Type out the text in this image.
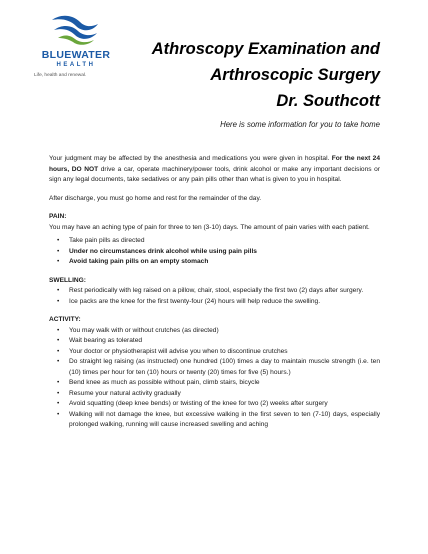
BLUEWATER
HEALTH
Life, health and renewal.
Athroscopy Examination and
Arthroscopic Surgery
Dr. Southcott
Here is some information for you to take home

Your judgment may be affected by the anesthesia and medications you were given in hospital. For the next 24 hours, DO NOT drive a car, operate machinery/power tools, drink alcohol or make any important decisions or sign any legal documents, take sedatives or any pain pills other than what is given to you in hospital.

After discharge, you must go home and rest for the remainder of the day.

PAIN:
You may have an aching type of pain for three to ten (3-10) days. The amount of pain varies with each patient.
• Take pain pills as directed
• Under no circumstances drink alcohol while using pain pills
• Avoid taking pain pills on an empty stomach
SWELLING:
• Rest periodically with leg raised on a pillow, chair, stool, especially the first two (2) days after surgery.
• Ice packs are the knee for the first twenty-four (24) hours will help reduce the swelling.
ACTIVITY:
• You may walk with or without crutches (as directed)
• Wait bearing as tolerated
• Your doctor or physiotherapist will advise you when to discontinue crutches
• Do straight leg raising (as instructed) one hundred (100) times a day to maintain muscle strength (i.e. ten (10) times per hour for ten (10) hours or twenty (20) times for five (5) hours.)
• Bend knee as much as possible without pain, climb stairs, bicycle
• Resume your natural activity gradually
• Avoid squatting (deep knee bends) or twisting of the knee for two (2) weeks after surgery
• Walking will not damage the knee, but excessive walking in the first seven to ten (7-10) days, especially prolonged walking, running will cause increased swelling and aching
